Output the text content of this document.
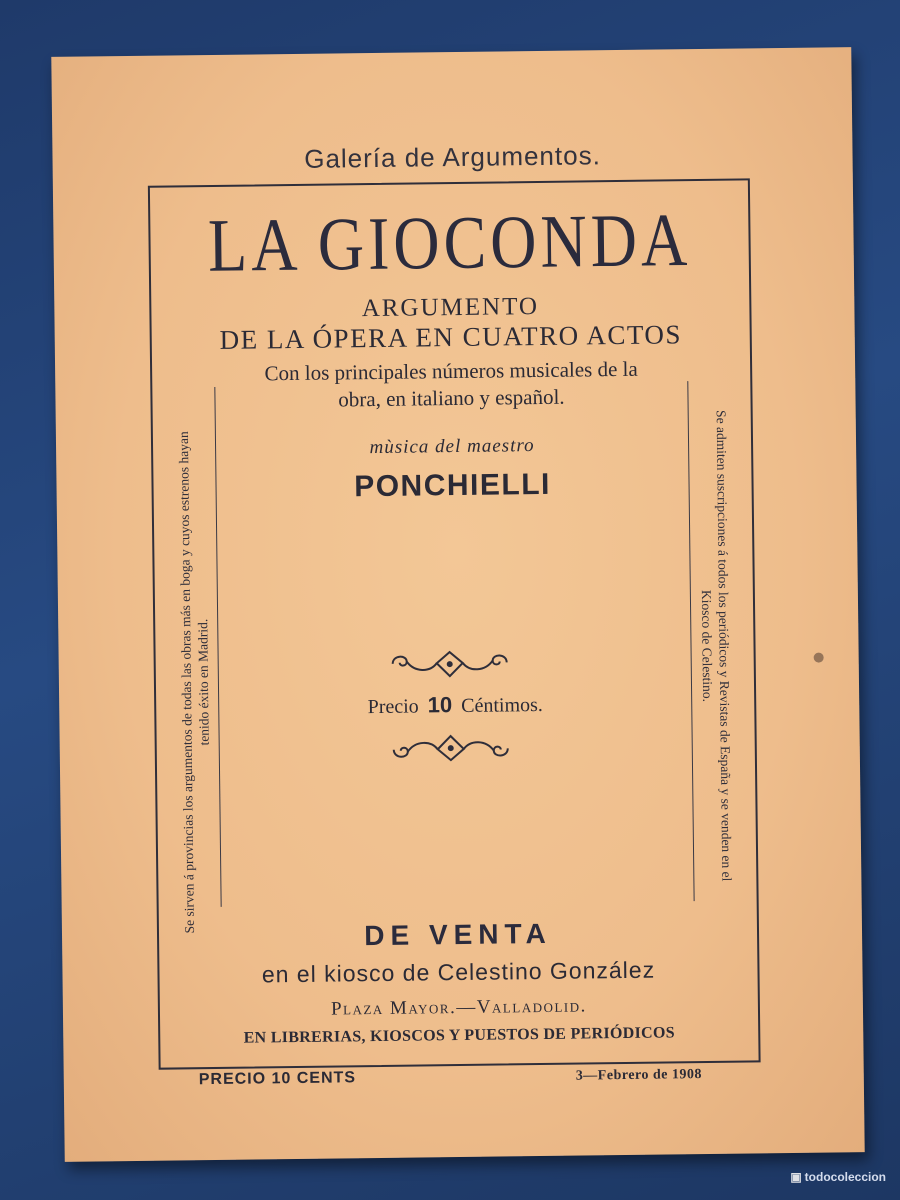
Galería de Argumentos.
LA GIOCONDA
ARGUMENTO
DE LA ÓPERA EN CUATRO ACTOS
Con los principales números musicales de la
obra, en italiano y español.
mùsica del maestro
PONCHIELLI
Precio 10 Céntimos.
Se sirven á provincias los argumentos de todas las obras más en boga y cuyos estrenos hayan tenido éxito en Madrid.	Se admiten suscripciones á todos los periódicos y Revistas de España y se venden en el Kiosco de Celestino.
DE VENTA
en el kiosco de Celestino González
Plaza Mayor.—Valladolid.
EN LIBRERIAS, KIOSCOS Y PUESTOS DE PERIÓDICOS
PRECIO 10 CENTS	3—Febrero de 1908
▣ todocoleccion
